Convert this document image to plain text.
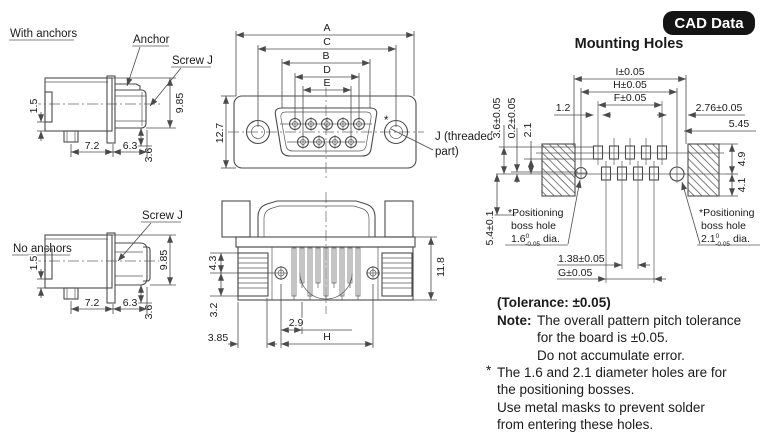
CAD Data
With anchors	Anchor
Screw J
1.5	9.85
3.6
7.2 6.3
No anchors
Screw J
1.5	9.85
3.6
7.2 6.3
A
C
B
D
E
12.7
*
J (threaded
part)
11.8
4.3
3.2
2.9
H
3.85
Mounting Holes
I±0.05
H±0.05
F±0.05
1.2	2.76±0.05
5.45
3.6±0.05 0.2±0.05 2.1
5.4±0.1
4.9
4.1
1.38±0.05
G±0.05
*Positioning
boss hole
$1.6^0$ -0.05 dia.
*Positioning
boss hole
$2.1^0$ -0.05 dia.
(Tolerance: ±0.05)
Note: The overall pattern pitch tolerance
for the board is ±0.05.
Do not accumulate error.
* The 1.6 and 2.1 diameter holes are for
the positioning bosses.
Use metal masks to prevent solder
from entering these holes.
